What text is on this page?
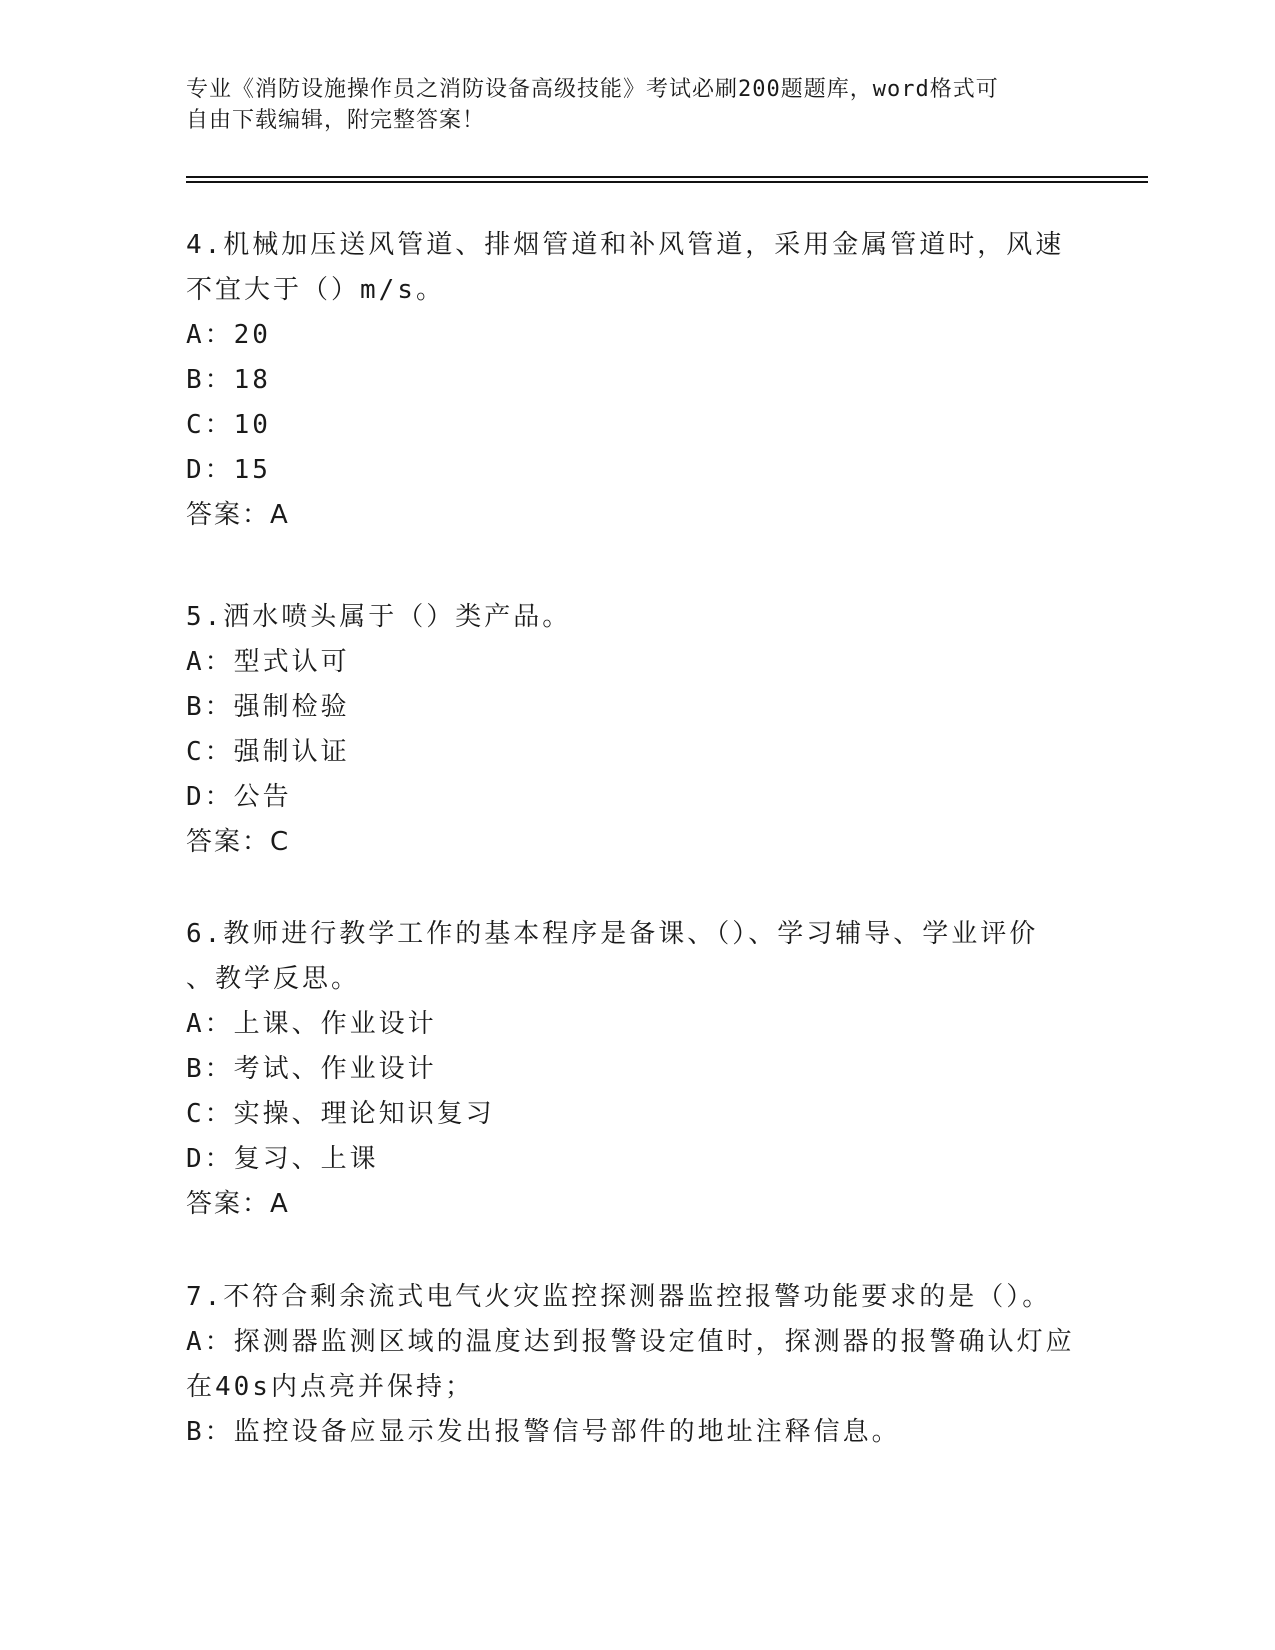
专业《消防设施操作员之消防设备高级技能》考试必刷200题题库，word格式可
自由下载编辑，附完整答案！
4.机械加压送风管道、排烟管道和补风管道，采用金属管道时，风速
不宜大于（）m/s。
A：20
B：18
C：10
D：15
答案：A
5.洒水喷头属于（）类产品。
A：型式认可
B：强制检验
C：强制认证
D：公告
答案：C
6.教师进行教学工作的基本程序是备课、（）、学习辅导、学业评价
、教学反思。
A：上课、作业设计
B：考试、作业设计
C：实操、理论知识复习
D：复习、上课
答案：A
7.不符合剩余流式电气火灾监控探测器监控报警功能要求的是（）。
A：探测器监测区域的温度达到报警设定值时，探测器的报警确认灯应
在40s内点亮并保持；
B：监控设备应显示发出报警信号部件的地址注释信息。
